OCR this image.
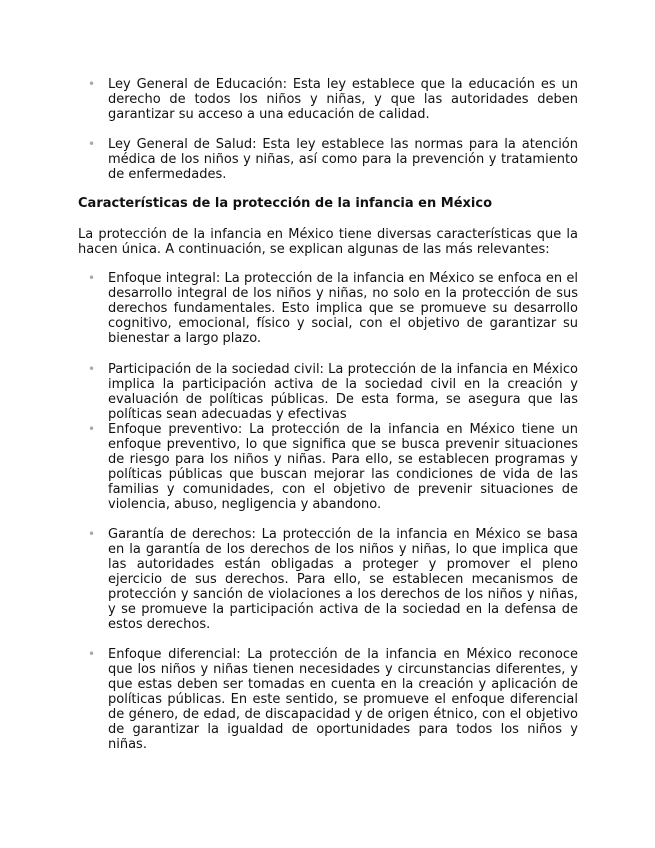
• Ley General de Educación: Esta ley establece que la educación es un derecho de todos los niños y niñas, y que las autoridades deben garantizar su acceso a una educación de calidad.
• Ley General de Salud: Esta ley establece las normas para la atención médica de los niños y niñas, así como para la prevención y tratamiento de enfermedades.
Características de la protección de la infancia en México

La protección de la infancia en México tiene diversas características que la hacen única. A continuación, se explican algunas de las más relevantes:

• Enfoque integral: La protección de la infancia en México se enfoca en el desarrollo integral de los niños y niñas, no solo en la protección de sus derechos fundamentales. Esto implica que se promueve su desarrollo cognitivo, emocional, físico y social, con el objetivo de garantizar su bienestar a largo plazo.
• Participación de la sociedad civil: La protección de la infancia en México implica la participación activa de la sociedad civil en la creación y evaluación de políticas públicas. De esta forma, se asegura que las políticas sean adecuadas y efectivas
• Enfoque preventivo: La protección de la infancia en México tiene un enfoque preventivo, lo que significa que se busca prevenir situaciones de riesgo para los niños y niñas. Para ello, se establecen programas y políticas públicas que buscan mejorar las condiciones de vida de las familias y comunidades, con el objetivo de prevenir situaciones de violencia, abuso, negligencia y abandono.
• Garantía de derechos: La protección de la infancia en México se basa en la garantía de los derechos de los niños y niñas, lo que implica que las autoridades están obligadas a proteger y promover el pleno ejercicio de sus derechos. Para ello, se establecen mecanismos de protección y sanción de violaciones a los derechos de los niños y niñas, y se promueve la participación activa de la sociedad en la defensa de estos derechos.
• Enfoque diferencial: La protección de la infancia en México reconoce que los niños y niñas tienen necesidades y circunstancias diferentes, y que estas deben ser tomadas en cuenta en la creación y aplicación de políticas públicas. En este sentido, se promueve el enfoque diferencial de género, de edad, de discapacidad y de origen étnico, con el objetivo de garantizar la igualdad de oportunidades para todos los niños y niñas.
